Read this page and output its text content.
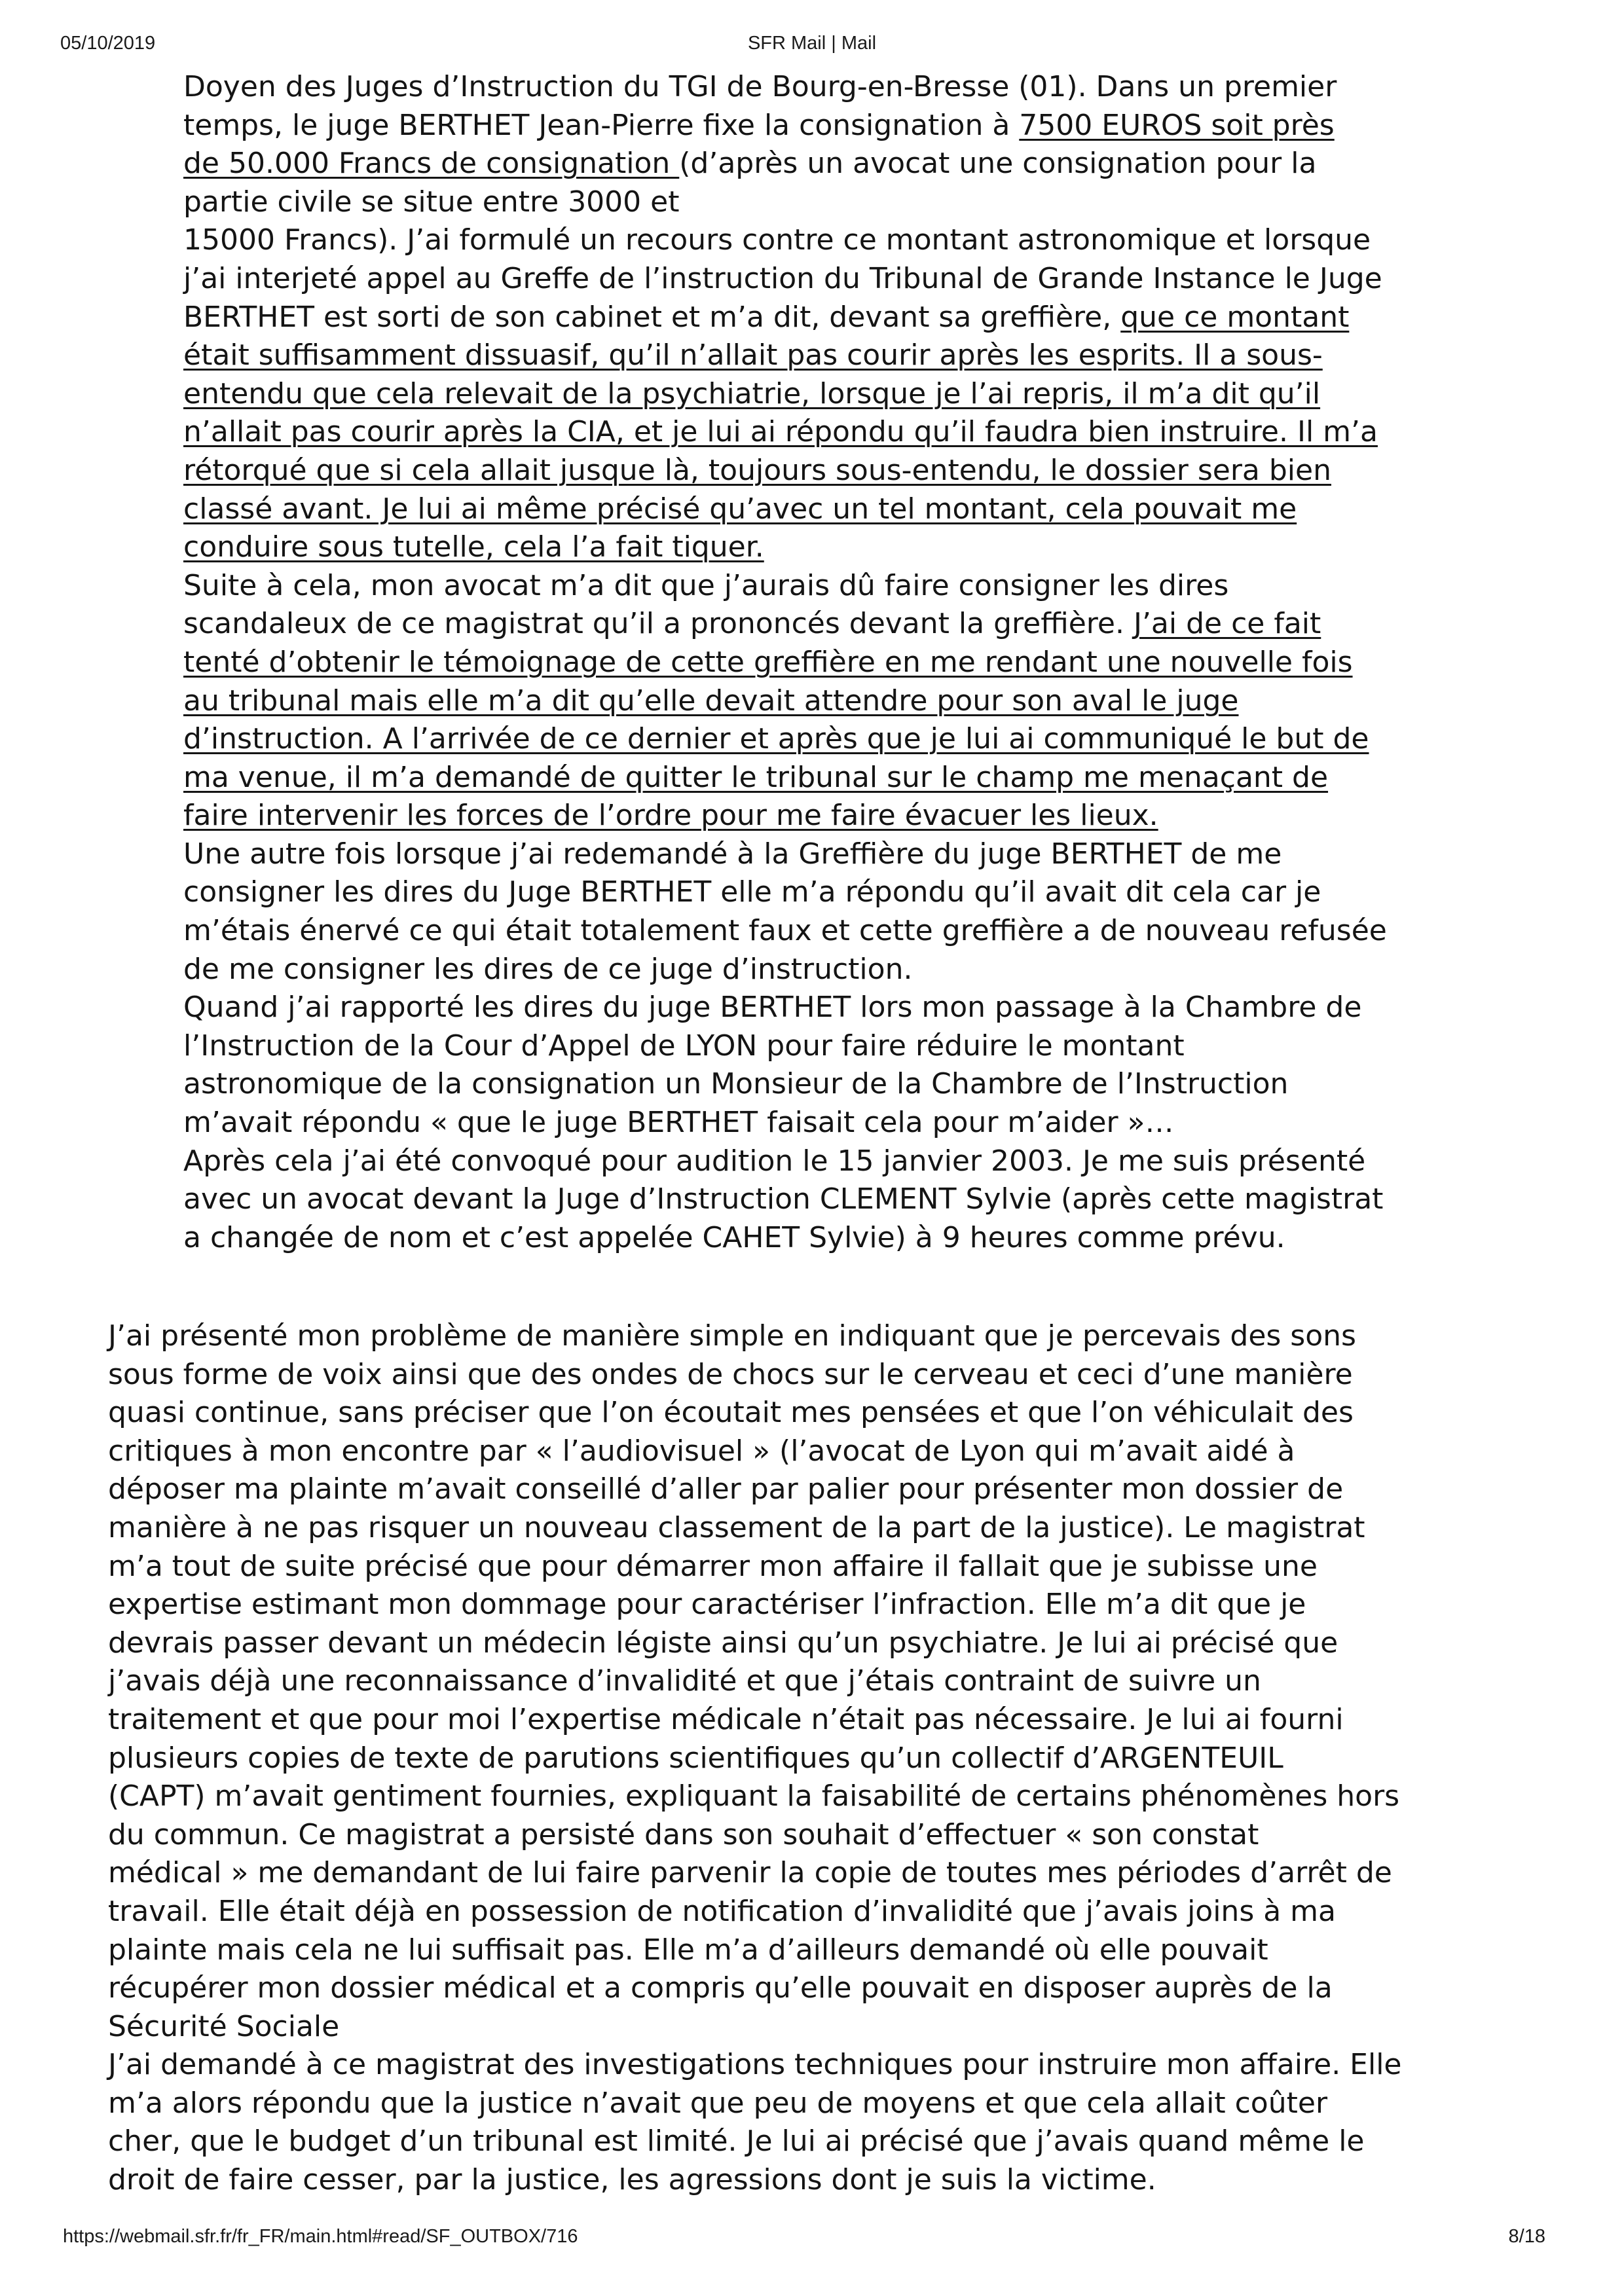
05/10/2019	SFR Mail | Mail
Doyen des Juges d’Instruction du TGI de Bourg-en-Bresse (01). Dans un premier
temps, le juge BERTHET Jean-Pierre fixe la consignation à 7500 EUROS soit près
de 50.000 Francs de consignation (d’après un avocat une consignation pour la
partie civile se situe entre 3000 et
15000 Francs). J’ai formulé un recours contre ce montant astronomique et lorsque
j’ai interjeté appel au Greffe de l’instruction du Tribunal de Grande Instance le Juge
BERTHET est sorti de son cabinet et m’a dit, devant sa greffière, que ce montant
était suffisamment dissuasif, qu’il n’allait pas courir après les esprits. Il a sous-
entendu que cela relevait de la psychiatrie, lorsque je l’ai repris, il m’a dit qu’il
n’allait pas courir après la CIA, et je lui ai répondu qu’il faudra bien instruire. Il m’a
rétorqué que si cela allait jusque là, toujours sous-entendu, le dossier sera bien
classé avant. Je lui ai même précisé qu’avec un tel montant, cela pouvait me
conduire sous tutelle, cela l’a fait tiquer.
Suite à cela, mon avocat m’a dit que j’aurais dû faire consigner les dires
scandaleux de ce magistrat qu’il a prononcés devant la greffière. J’ai de ce fait
tenté d’obtenir le témoignage de cette greffière en me rendant une nouvelle fois
au tribunal mais elle m’a dit qu’elle devait attendre pour son aval le juge
d’instruction. A l’arrivée de ce dernier et après que je lui ai communiqué le but de
ma venue, il m’a demandé de quitter le tribunal sur le champ me menaçant de
faire intervenir les forces de l’ordre pour me faire évacuer les lieux.
Une autre fois lorsque j’ai redemandé à la Greffière du juge BERTHET de me
consigner les dires du Juge BERTHET elle m’a répondu qu’il avait dit cela car je
m’étais énervé ce qui était totalement faux et cette greffière a de nouveau refusée
de me consigner les dires de ce juge d’instruction.
Quand j’ai rapporté les dires du juge BERTHET lors mon passage à la Chambre de
l’Instruction de la Cour d’Appel de LYON pour faire réduire le montant
astronomique de la consignation un Monsieur de la Chambre de l’Instruction
m’avait répondu « que le juge BERTHET faisait cela pour m’aider »…
Après cela j’ai été convoqué pour audition le 15 janvier 2003. Je me suis présenté
avec un avocat devant la Juge d’Instruction CLEMENT Sylvie (après cette magistrat
a changée de nom et c’est appelée CAHET Sylvie) à 9 heures comme prévu.
J’ai présenté mon problème de manière simple en indiquant que je percevais des sons
sous forme de voix ainsi que des ondes de chocs sur le cerveau et ceci d’une manière
quasi continue, sans préciser que l’on écoutait mes pensées et que l’on véhiculait des
critiques à mon encontre par « l’audiovisuel » (l’avocat de Lyon qui m’avait aidé à
déposer ma plainte m’avait conseillé d’aller par palier pour présenter mon dossier de
manière à ne pas risquer un nouveau classement de la part de la justice). Le magistrat
m’a tout de suite précisé que pour démarrer mon affaire il fallait que je subisse une
expertise estimant mon dommage pour caractériser l’infraction. Elle m’a dit que je
devrais passer devant un médecin légiste ainsi qu’un psychiatre. Je lui ai précisé que
j’avais déjà une reconnaissance d’invalidité et que j’étais contraint de suivre un
traitement et que pour moi l’expertise médicale n’était pas nécessaire. Je lui ai fourni
plusieurs copies de texte de parutions scientifiques qu’un collectif d’ARGENTEUIL
(CAPT) m’avait gentiment fournies, expliquant la faisabilité de certains phénomènes hors
du commun. Ce magistrat a persisté dans son souhait d’effectuer « son constat
médical » me demandant de lui faire parvenir la copie de toutes mes périodes d’arrêt de
travail. Elle était déjà en possession de notification d’invalidité que j’avais joins à ma
plainte mais cela ne lui suffisait pas. Elle m’a d’ailleurs demandé où elle pouvait
récupérer mon dossier médical et a compris qu’elle pouvait en disposer auprès de la
Sécurité Sociale
J’ai demandé à ce magistrat des investigations techniques pour instruire mon affaire. Elle
m’a alors répondu que la justice n’avait que peu de moyens et que cela allait coûter
cher, que le budget d’un tribunal est limité. Je lui ai précisé que j’avais quand même le
droit de faire cesser, par la justice, les agressions dont je suis la victime.
https://webmail.sfr.fr/fr_FR/main.html#read/SF_OUTBOX/716	8/18
